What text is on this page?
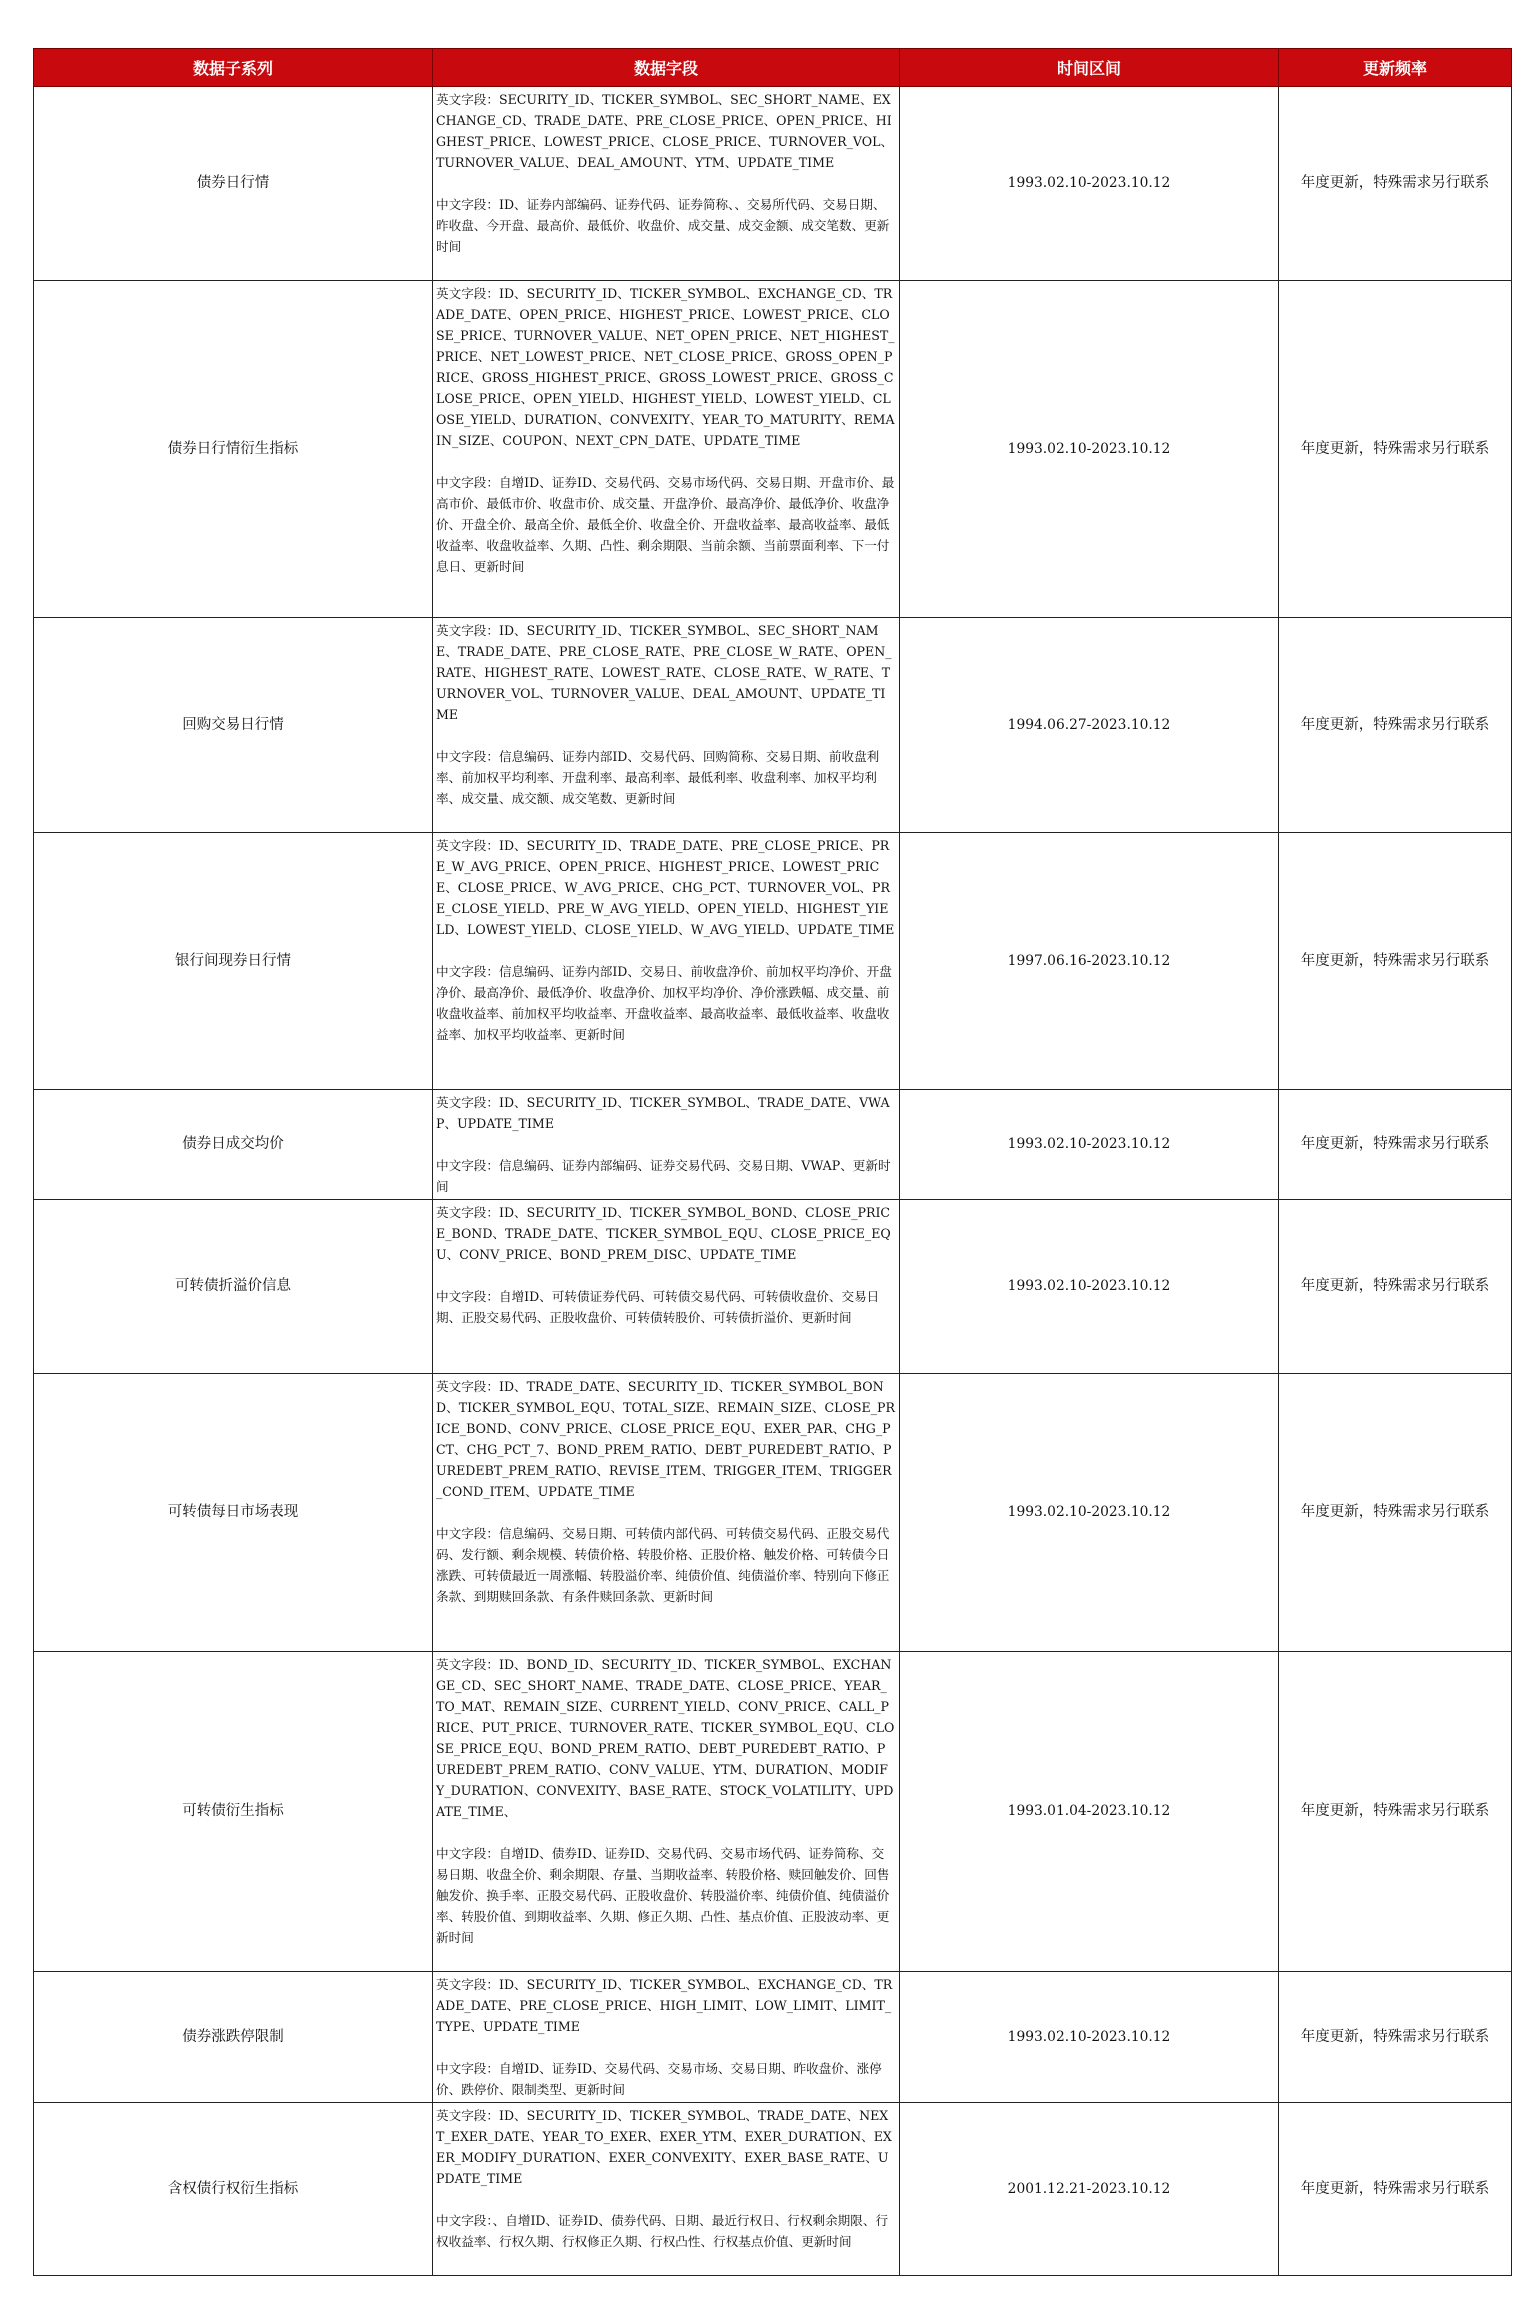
数据子系列	数据字段	时间区间	更新频率
债券日行情	英文字段：SECURITY_ID、TICKER_SYMBOL、SEC_SHORT_NAME、EXCHANGE_CD、TRADE_DATE、PRE_CLOSE_PRICE、OPEN_PRICE、HIGHEST_PRICE、LOWEST_PRICE、CLOSE_PRICE、TURNOVER_VOL、TURNOVER_VALUE、DEAL_AMOUNT、YTM、UPDATE_TIME
中文字段：ID、证券内部编码、证券代码、证券简称、、交易所代码、交易日期、昨收盘、今开盘、最高价、最低价、收盘价、成交量、成交金额、成交笔数、更新时间	1993.02.10-2023.10.12	年度更新，特殊需求另行联系
债券日行情衍生指标	英文字段：ID、SECURITY_ID、TICKER_SYMBOL、EXCHANGE_CD、TRADE_DATE、OPEN_PRICE、HIGHEST_PRICE、LOWEST_PRICE、CLOSE_PRICE、TURNOVER_VALUE、NET_OPEN_PRICE、NET_HIGHEST_PRICE、NET_LOWEST_PRICE、NET_CLOSE_PRICE、GROSS_OPEN_PRICE、GROSS_HIGHEST_PRICE、GROSS_LOWEST_PRICE、GROSS_CLOSE_PRICE、OPEN_YIELD、HIGHEST_YIELD、LOWEST_YIELD、CLOSE_YIELD、DURATION、CONVEXITY、YEAR_TO_MATURITY、REMAIN_SIZE、COUPON、NEXT_CPN_DATE、UPDATE_TIME
中文字段：自增ID、证券ID、交易代码、交易市场代码、交易日期、开盘市价、最高市价、最低市价、收盘市价、成交量、开盘净价、最高净价、最低净价、收盘净价、开盘全价、最高全价、最低全价、收盘全价、开盘收益率、最高收益率、最低收益率、收盘收益率、久期、凸性、剩余期限、当前余额、当前票面利率、下一付息日、更新时间	1993.02.10-2023.10.12	年度更新，特殊需求另行联系
回购交易日行情	英文字段：ID、SECURITY_ID、TICKER_SYMBOL、SEC_SHORT_NAME、TRADE_DATE、PRE_CLOSE_RATE、PRE_CLOSE_W_RATE、OPEN_RATE、HIGHEST_RATE、LOWEST_RATE、CLOSE_RATE、W_RATE、TURNOVER_VOL、TURNOVER_VALUE、DEAL_AMOUNT、UPDATE_TIME
中文字段：信息编码、证券内部ID、交易代码、回购简称、交易日期、前收盘利率、前加权平均利率、开盘利率、最高利率、最低利率、收盘利率、加权平均利率、成交量、成交额、成交笔数、更新时间	1994.06.27-2023.10.12	年度更新，特殊需求另行联系
银行间现券日行情	英文字段：ID、SECURITY_ID、TRADE_DATE、PRE_CLOSE_PRICE、PRE_W_AVG_PRICE、OPEN_PRICE、HIGHEST_PRICE、LOWEST_PRICE、CLOSE_PRICE、W_AVG_PRICE、CHG_PCT、TURNOVER_VOL、PRE_CLOSE_YIELD、PRE_W_AVG_YIELD、OPEN_YIELD、HIGHEST_YIELD、LOWEST_YIELD、CLOSE_YIELD、W_AVG_YIELD、UPDATE_TIME
中文字段：信息编码、证券内部ID、交易日、前收盘净价、前加权平均净价、开盘净价、最高净价、最低净价、收盘净价、加权平均净价、净价涨跌幅、成交量、前收盘收益率、前加权平均收益率、开盘收益率、最高收益率、最低收益率、收盘收益率、加权平均收益率、更新时间	1997.06.16-2023.10.12	年度更新，特殊需求另行联系
债券日成交均价	英文字段：ID、SECURITY_ID、TICKER_SYMBOL、TRADE_DATE、VWAP、UPDATE_TIME
中文字段：信息编码、证券内部编码、证券交易代码、交易日期、VWAP、更新时间	1993.02.10-2023.10.12	年度更新，特殊需求另行联系
可转债折溢价信息	英文字段：ID、SECURITY_ID、TICKER_SYMBOL_BOND、CLOSE_PRICE_BOND、TRADE_DATE、TICKER_SYMBOL_EQU、CLOSE_PRICE_EQU、CONV_PRICE、BOND_PREM_DISC、UPDATE_TIME
中文字段：自增ID、可转债证券代码、可转债交易代码、可转债收盘价、交易日期、正股交易代码、正股收盘价、可转债转股价、可转债折溢价、更新时间	1993.02.10-2023.10.12	年度更新，特殊需求另行联系
可转债每日市场表现	英文字段：ID、TRADE_DATE、SECURITY_ID、TICKER_SYMBOL_BOND、TICKER_SYMBOL_EQU、TOTAL_SIZE、REMAIN_SIZE、CLOSE_PRICE_BOND、CONV_PRICE、CLOSE_PRICE_EQU、EXER_PAR、CHG_PCT、CHG_PCT_7、BOND_PREM_RATIO、DEBT_PUREDEBT_RATIO、PUREDEBT_PREM_RATIO、REVISE_ITEM、TRIGGER_ITEM、TRIGGER_COND_ITEM、UPDATE_TIME
中文字段：信息编码、交易日期、可转债内部代码、可转债交易代码、正股交易代码、发行额、剩余规模、转债价格、转股价格、正股价格、触发价格、可转债今日涨跌、可转债最近一周涨幅、转股溢价率、纯债价值、纯债溢价率、特别向下修正条款、到期赎回条款、有条件赎回条款、更新时间	1993.02.10-2023.10.12	年度更新，特殊需求另行联系
可转债衍生指标	英文字段：ID、BOND_ID、SECURITY_ID、TICKER_SYMBOL、EXCHANGE_CD、SEC_SHORT_NAME、TRADE_DATE、CLOSE_PRICE、YEAR_TO_MAT、REMAIN_SIZE、CURRENT_YIELD、CONV_PRICE、CALL_PRICE、PUT_PRICE、TURNOVER_RATE、TICKER_SYMBOL_EQU、CLOSE_PRICE_EQU、BOND_PREM_RATIO、DEBT_PUREDEBT_RATIO、PUREDEBT_PREM_RATIO、CONV_VALUE、YTM、DURATION、MODIFY_DURATION、CONVEXITY、BASE_RATE、STOCK_VOLATILITY、UPDATE_TIME、
中文字段：自增ID、债券ID、证券ID、交易代码、交易市场代码、证券简称、交易日期、收盘全价、剩余期限、存量、当期收益率、转股价格、赎回触发价、回售触发价、换手率、正股交易代码、正股收盘价、转股溢价率、纯债价值、纯债溢价率、转股价值、到期收益率、久期、修正久期、凸性、基点价值、正股波动率、更新时间	1993.01.04-2023.10.12	年度更新，特殊需求另行联系
债券涨跌停限制	英文字段：ID、SECURITY_ID、TICKER_SYMBOL、EXCHANGE_CD、TRADE_DATE、PRE_CLOSE_PRICE、HIGH_LIMIT、LOW_LIMIT、LIMIT_TYPE、UPDATE_TIME
中文字段：自增ID、证券ID、交易代码、交易市场、交易日期、昨收盘价、涨停价、跌停价、限制类型、更新时间	1993.02.10-2023.10.12	年度更新，特殊需求另行联系
含权债行权衍生指标	英文字段：ID、SECURITY_ID、TICKER_SYMBOL、TRADE_DATE、NEXT_EXER_DATE、YEAR_TO_EXER、EXER_YTM、EXER_DURATION、EXER_MODIFY_DURATION、EXER_CONVEXITY、EXER_BASE_RATE、UPDATE_TIME
中文字段：、自增ID、证券ID、债券代码、日期、最近行权日、行权剩余期限、行权收益率、行权久期、行权修正久期、行权凸性、行权基点价值、更新时间	2001.12.21-2023.10.12	年度更新，特殊需求另行联系
